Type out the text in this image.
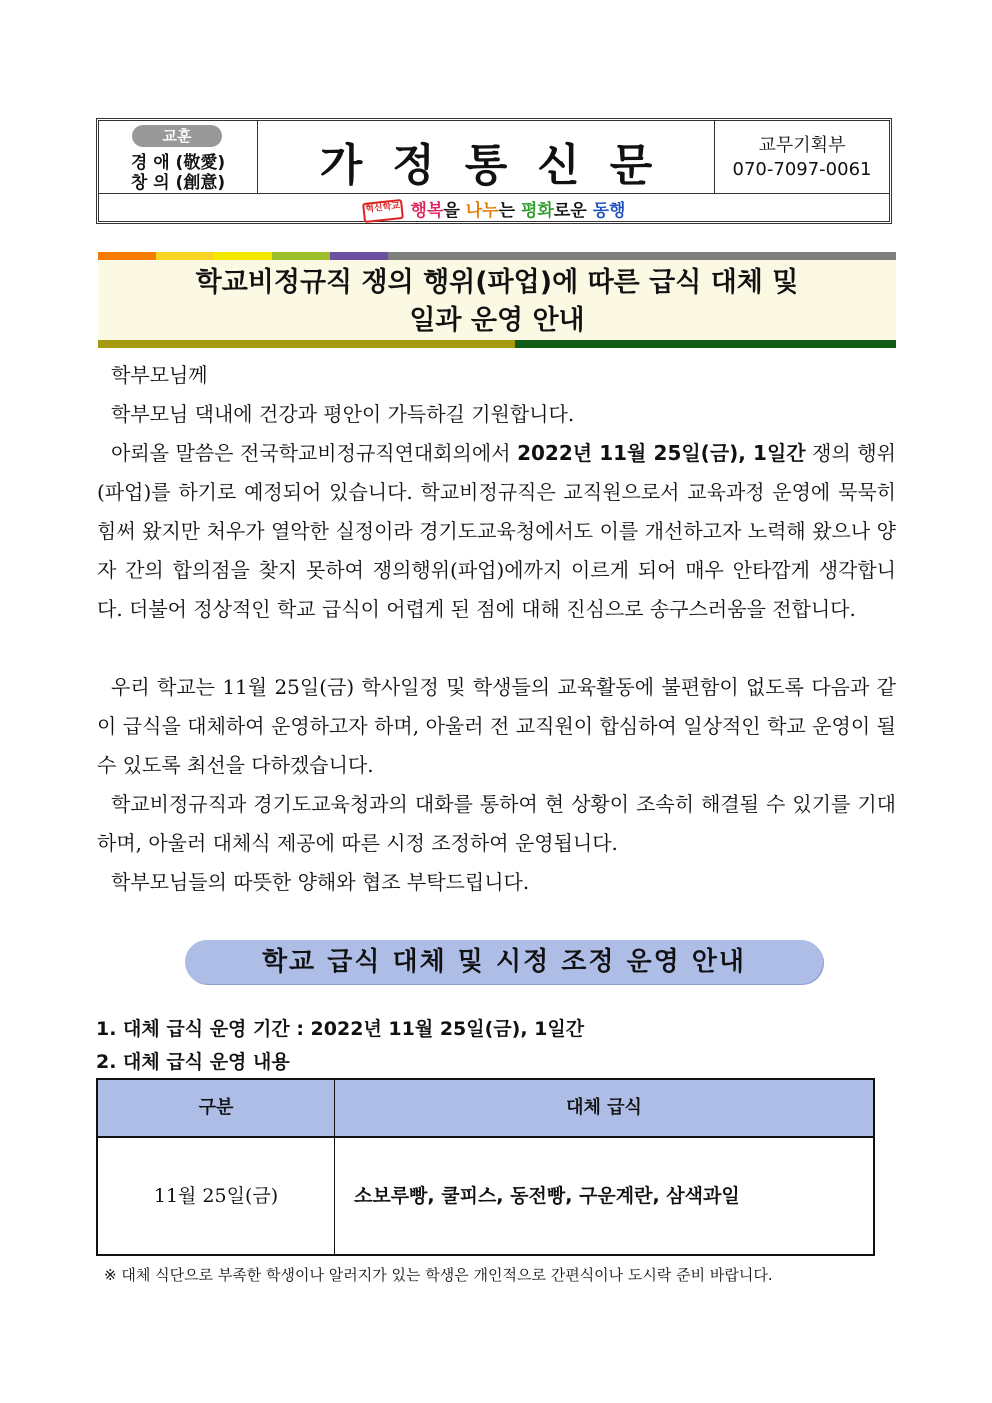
교훈
경 애 (敬愛)
창 의 (創意)	가정통신문	교무기획부
070-7097-0061
혁신학교 행복을 나누는 평화로운 동행
학교비정규직 쟁의 행위(파업)에 따른 급식 대체 및
일과 운영 안내
학부모님께
학부모님 댁내에 건강과 평안이 가득하길 기원합니다.
아뢰올 말씀은 전국학교비정규직연대회의에서 2022년 11월 25일(금), 1일간 쟁의 행위(파업)를 하기로 예정되어 있습니다. 학교비정규직은 교직원으로서 교육과정 운영에 묵묵히 힘써 왔지만 처우가 열악한 실정이라 경기도교육청에서도 이를 개선하고자 노력해 왔으나 양자 간의 합의점을 찾지 못하여 쟁의행위(파업)에까지 이르게 되어 매우 안타깝게 생각합니다. 더불어 정상적인 학교 급식이 어렵게 된 점에 대해 진심으로 송구스러움을 전합니다.
우리 학교는 11월 25일(금) 학사일정 및 학생들의 교육활동에 불편함이 없도록 다음과 같이 급식을 대체하여 운영하고자 하며, 아울러 전 교직원이 합심하여 일상적인 학교 운영이 될 수 있도록 최선을 다하겠습니다.
학교비정규직과 경기도교육청과의 대화를 통하여 현 상황이 조속히 해결될 수 있기를 기대하며, 아울러 대체식 제공에 따른 시정 조정하여 운영됩니다.
학부모님들의 따뜻한 양해와 협조 부탁드립니다.
학교 급식 대체 및 시정 조정 운영 안내
1. 대체 급식 운영 기간 : 2022년 11월 25일(금), 1일간
2. 대체 급식 운영 내용
구분	대체 급식
11월 25일(금)	소보루빵, 쿨피스, 동전빵, 구운계란, 삼색과일
※ 대체 식단으로 부족한 학생이나 알러지가 있는 학생은 개인적으로 간편식이나 도시락 준비 바랍니다.
